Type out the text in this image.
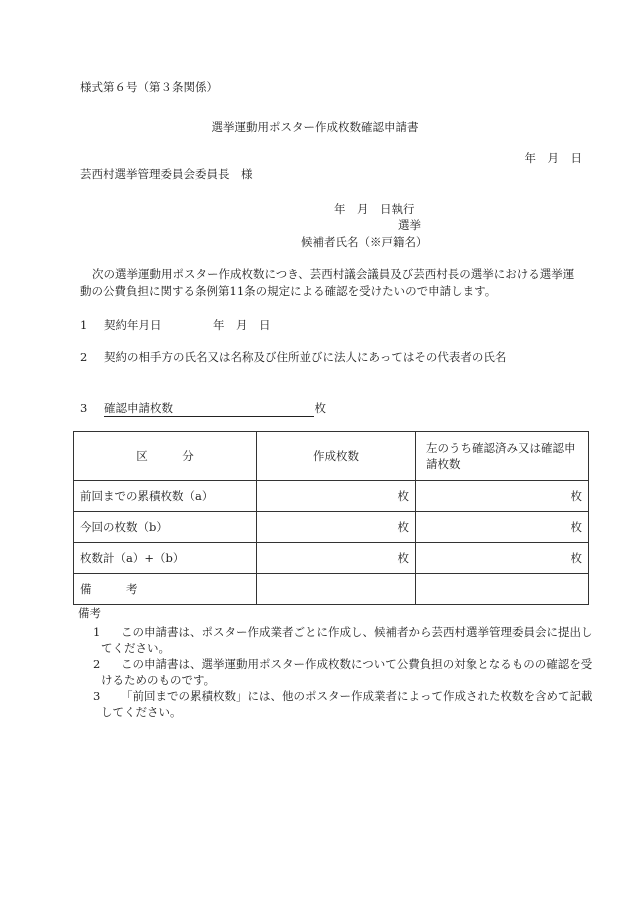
様式第６号（第３条関係）
選挙運動用ポスター作成枚数確認申請書
年　月　日
芸西村選挙管理委員会委員長　様
年　月　日執行
選挙
候補者氏名（※戸籍名）
次の選挙運動用ポスター作成枚数につき、芸西村議会議員及び芸西村長の選挙における選挙運動の公費負担に関する条例第11条の規定による確認を受けたいので申請します。
1 契約年月日	年　月　日
2 契約の相手方の氏名又は名称及び住所並びに法人にあってはその代表者の氏名
3 確認申請枚数	枚
区　　　分	作成枚数	左のうち確認済み又は確認申請枚数
前回までの累積枚数（a）	枚	枚
今回の枚数（b）	枚	枚
枚数計（a）+（b）	枚	枚
備　　　考		
備考
1 この申請書は、ポスター作成業者ごとに作成し、候補者から芸西村選挙管理委員会に提出してください。
2 この申請書は、選挙運動用ポスター作成枚数について公費負担の対象となるものの確認を受けるためのものです。
3 「前回までの累積枚数」には、他のポスター作成業者によって作成された枚数を含めて記載してください。
